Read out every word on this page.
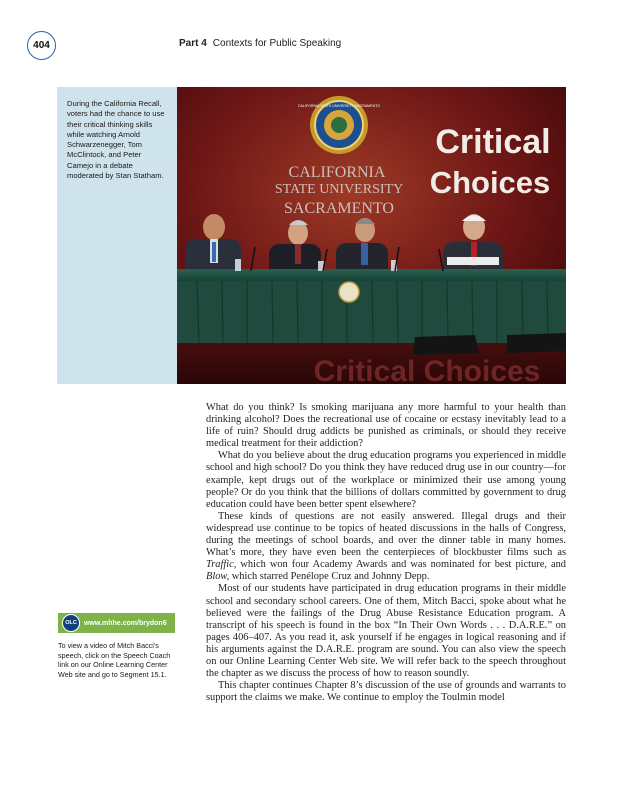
404	Part 4 Contexts for Public Speaking
During the California Recall, voters had the chance to use their critical thinking skills while watching Arnold Schwarzenegger, Tom McClintock, and Peter Camejo in a debate moderated by Stan Statham.
CALIFORNIA STATE UNIVERSITY SACRAMENTO
CALIFORNIA
STATE UNIVERSITY
SACRAMENTO
Critical
Choices
Critical Choices
OLC	www.mhhe.com/brydon6
To view a video of Mitch Bacci's speech, click on the Speech Coach link on our Online Learning Center Web site and go to Segment 15.1.

What do you think? Is smoking marijuana any more harmful to your health than drinking alcohol? Does the recreational use of cocaine or ecstasy inevitably lead to a life of ruin? Should drug addicts be punished as criminals, or should they receive medical treatment for their addiction?

What do you believe about the drug education programs you experienced in middle school and high school? Do you think they have reduced drug use in our country—for example, kept drugs out of the workplace or minimized their use among young people? Or do you think that the billions of dollars committed by government to drug education could have been better spent elsewhere?

These kinds of questions are not easily answered. Illegal drugs and their widespread use continue to be topics of heated discussions in the halls of Congress, during the meetings of school boards, and over the dinner table in many homes. What’s more, they have even been the centerpieces of blockbuster films such as Traffic, which won four Academy Awards and was nominated for best picture, and Blow, which starred Penélope Cruz and Johnny Depp.

Most of our students have participated in drug education programs in their middle school and secondary school careers. One of them, Mitch Bacci, spoke about what he believed were the failings of the Drug Abuse Resistance Education program. A transcript of his speech is found in the box “In Their Own Words . . . D.A.R.E.” on pages 406–407. As you read it, ask yourself if he engages in logical reasoning and if his arguments against the D.A.R.E. program are sound. You can also view the speech on our Online Learning Center Web site. We will refer back to the speech throughout the chapter as we discuss the process of how to reason soundly.

This chapter continues Chapter 8’s discussion of the use of grounds and warrants to support the claims we make. We continue to employ the Toulmin model
